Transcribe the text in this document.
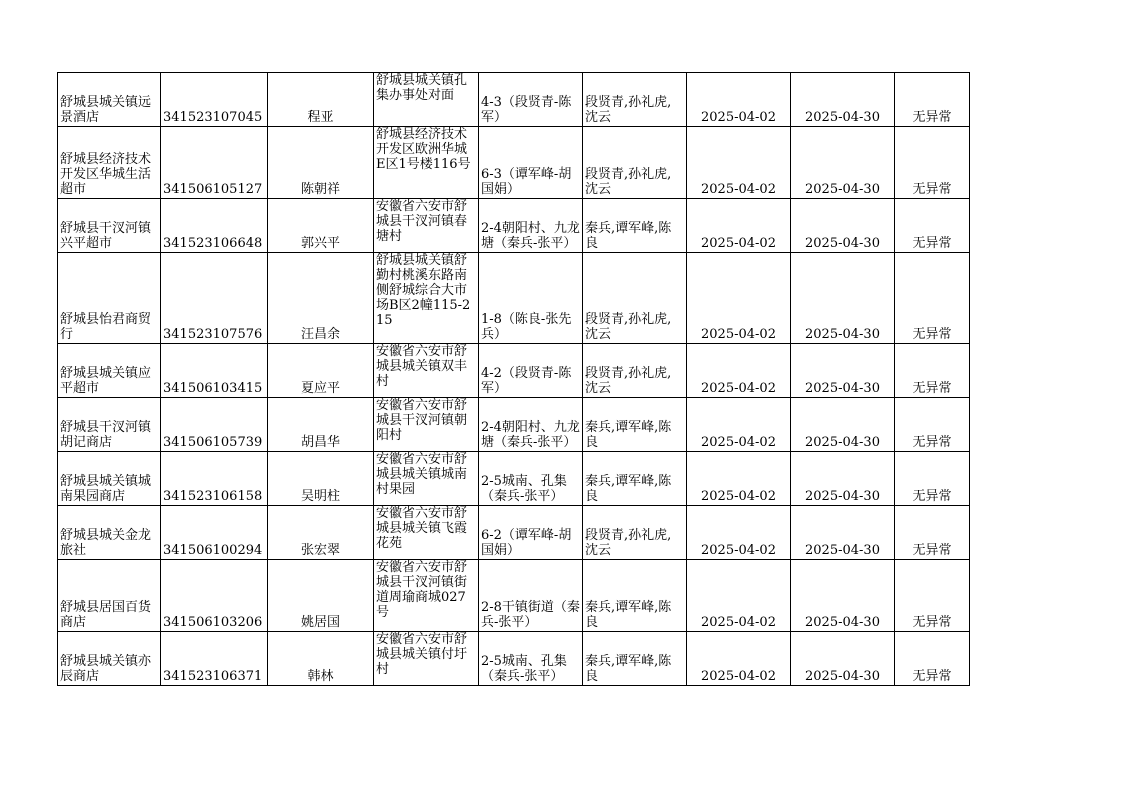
舒城县城关镇远景酒店	341523107045	程亚	舒城县城关镇孔集办事处对面	4-3（段贤青-陈军）	段贤青,孙礼虎,沈云	2025-04-02	2025-04-30	无异常
舒城县经济技术开发区华城生活超市	341506105127	陈朝祥	舒城县经济技术开发区欧洲华城E区1号楼116号	6-3（谭军峰-胡国娟）	段贤青,孙礼虎,沈云	2025-04-02	2025-04-30	无异常
舒城县干汊河镇兴平超市	341523106648	郭兴平	安徽省六安市舒城县干汊河镇春塘村	2-4朝阳村、九龙塘（秦兵-张平）	秦兵,谭军峰,陈良	2025-04-02	2025-04-30	无异常
舒城县怡君商贸行	341523107576	汪昌余	舒城县城关镇舒勤村桃溪东路南侧舒城综合大市场B区2幢115-215	1-8（陈良-张先兵）	段贤青,孙礼虎,沈云	2025-04-02	2025-04-30	无异常
舒城县城关镇应平超市	341506103415	夏应平	安徽省六安市舒城县城关镇双丰村	4-2（段贤青-陈军）	段贤青,孙礼虎,沈云	2025-04-02	2025-04-30	无异常
舒城县干汊河镇胡记商店	341506105739	胡昌华	安徽省六安市舒城县干汊河镇朝阳村	2-4朝阳村、九龙塘（秦兵-张平）	秦兵,谭军峰,陈良	2025-04-02	2025-04-30	无异常
舒城县城关镇城南果园商店	341523106158	吴明柱	安徽省六安市舒城县城关镇城南村果园	2-5城南、孔集（秦兵-张平）	秦兵,谭军峰,陈良	2025-04-02	2025-04-30	无异常
舒城县城关金龙旅社	341506100294	张宏翠	安徽省六安市舒城县城关镇飞霞花苑	6-2（谭军峰-胡国娟）	段贤青,孙礼虎,沈云	2025-04-02	2025-04-30	无异常
舒城县居国百货商店	341506103206	姚居国	安徽省六安市舒城县干汊河镇街道周瑜商城027号	2-8干镇街道（秦兵-张平）	秦兵,谭军峰,陈良	2025-04-02	2025-04-30	无异常
舒城县城关镇亦辰商店	341523106371	韩林	安徽省六安市舒城县城关镇付圩村	2-5城南、孔集（秦兵-张平）	秦兵,谭军峰,陈良	2025-04-02	2025-04-30	无异常
